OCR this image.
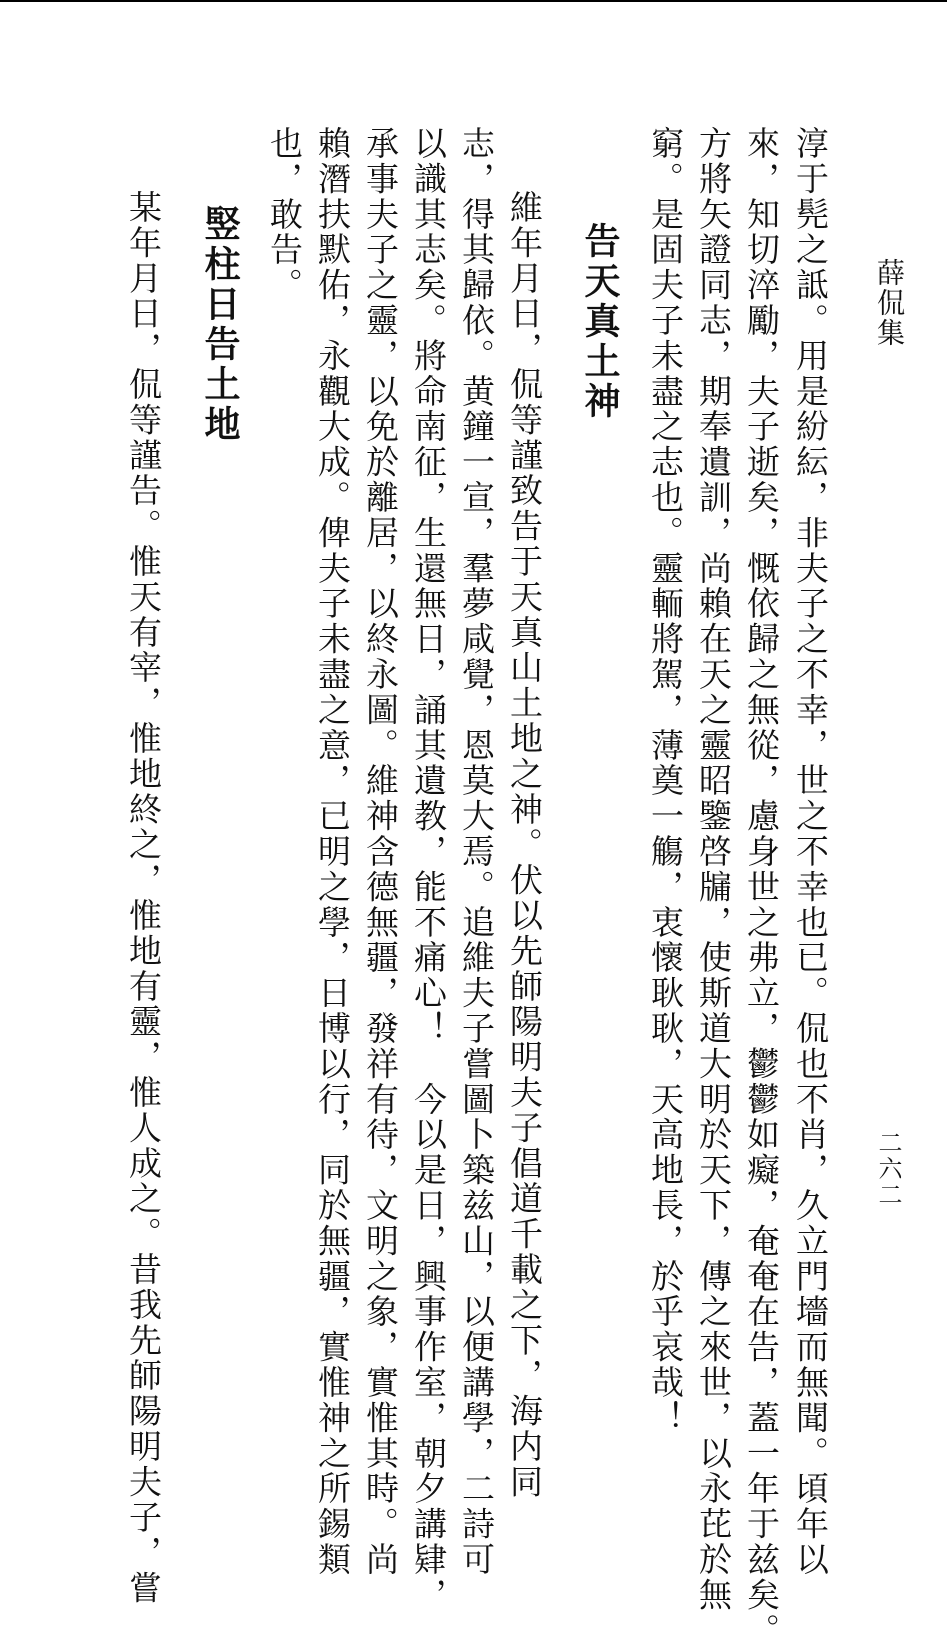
薛侃集
二六二
淳于髡之詆。用是紛紜，非夫子之不幸，世之不幸也已。侃也不肖，久立門墻而無聞。頃年以
來，知切淬勵，夫子逝矣，慨依歸之無從，慮身世之弗立，鬱鬱如癡，奄奄在告，蓋一年于兹矣。
方將矢證同志，期奉遺訓，尚賴在天之靈昭鑒啓牖，使斯道大明於天下，傳之來世，以永芘於無
窮。是固夫子未盡之志也。靈輀將駕，薄奠一觴，衷懷耿耿，天高地長，於乎哀哉！
告天真土神
維年月日，侃等謹致告于天真山土地之神。伏以先師陽明夫子倡道千載之下，海内同
志，得其歸依。黄鐘一宣，羣夢咸覺，恩莫大焉。追維夫子嘗圖卜築兹山，以便講學，二詩可
以識其志矣。將命南征，生還無日，誦其遺教，能不痛心！　今以是日，興事作室，朝夕講肄，
承事夫子之靈，以免於離居，以終永圖。維神含德無疆，發祥有待，文明之象，實惟其時。尚
賴潛扶默佑，永觀大成。俾夫子未盡之意，已明之學，日博以行，同於無疆，實惟神之所錫類
也，敢告。
竪柱日告土地
某年月日，侃等謹告。惟天有宰，惟地終之，惟地有靈，惟人成之。昔我先師陽明夫子，嘗
